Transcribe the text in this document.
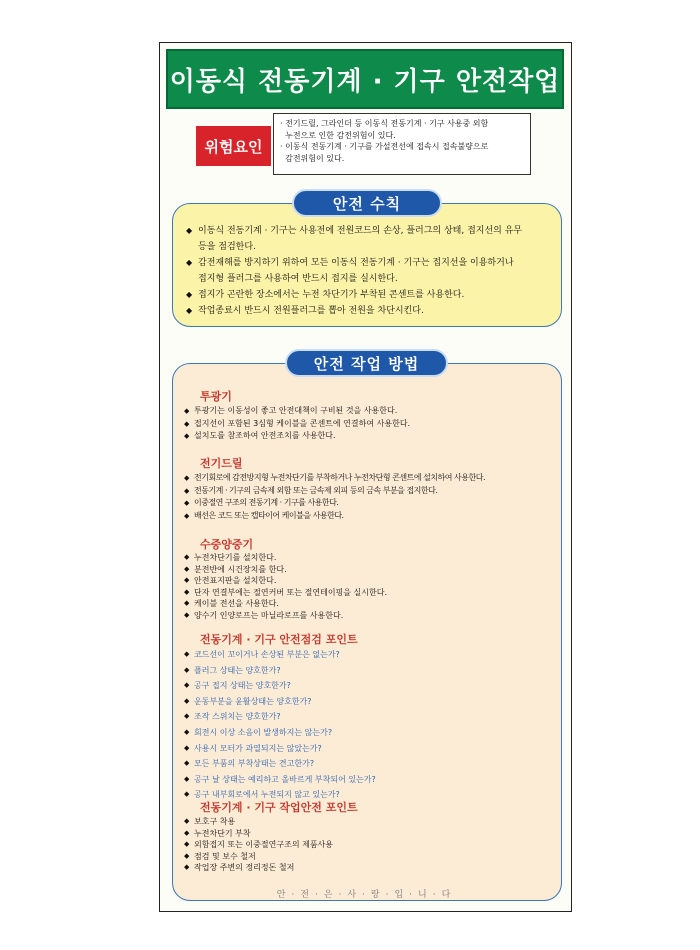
이동식 전동기계 · 기구 안전작업
위험요인

· 전기드릴, 그라인더 등 이동식 전동기계 · 기구 사용중 외함

누전으로 인한 감전위험이 있다.

· 이동식 전동기계 · 기구를 가설전선에 접속시 접속불량으로

감전위험이 있다.

안전 수칙
◆ 이동식 전동기계 · 기구는 사용전에 전원코드의 손상, 플러그의 상태, 접지선의 유무
등을 점검한다.
◆ 감전재해를 방지하기 위하여 모든 이동식 전동기계 · 기구는 접지선을 이용하거나
접지형 플러그를 사용하여 반드시 접지를 실시한다.
◆ 접지가 곤란한 장소에서는 누전 차단기가 부착된 콘센트를 사용한다.
◆ 작업종료시 반드시 전원플러그를 뽑아 전원을 차단시킨다.
안전 작업 방법
투광기
◆ 투광기는 이동성이 좋고 안전대책이 구비된 것을 사용한다.
◆ 접지선이 포함된 3심형 케이블을 콘센트에 연결하여 사용한다.
◆ 설치도를 참조하여 안전조치를 사용한다.
전기드릴
◆ 전기회로에 감전방지형 누전차단기를 부착하거나 누전차단형 콘센트에 설치하여 사용한다.
◆ 전동기계 · 기구의 금속제 외함 또는 금속제 외피 등의 금속 부분을 접지한다.
◆ 이중절연 구조의 전동기계 · 기구를 사용한다.
◆ 배선은 코드 또는 캡타이어 케이블을 사용한다.
수중양중기
◆ 누전차단기를 설치한다.
◆ 분전반에 시건장치를 한다.
◆ 안전표지판을 설치한다.
◆ 단자 연결부에는 절연커버 또는 절연테이핑을 실시한다.
◆ 케이블 전선을 사용한다.
◆ 양수기 인양로프는 마닐라로프를 사용한다.
전동기계 · 기구 안전점검 포인트
◆ 코드선이 꼬이거나 손상된 부분은 없는가?
◆ 플러그 상태는 양호한가?
◆ 공구 접지 상태는 양호한가?
◆ 운동부분을 윤활상태는 양호한가?
◆ 조작 스위치는 양호한가?
◆ 회전시 이상 소음이 발생하지는 않는가?
◆ 사용시 모터가 과열되지는 않았는가?
◆ 모든 부품의 부착상태는 견고한가?
◆ 공구 날 상태는 예리하고 올바르게 부착되어 있는가?
◆ 공구 내부회로에서 누전되지 않고 있는가?
전동기계 · 기구 작업안전 포인트
◆ 보호구 착용
◆ 누전차단기 부착
◆ 외함접지 또는 이중절연구조의 제품사용
◆ 점검 및 보수 철저
◆ 작업장 주변의 정리정돈 철저
안·전·은·사·랑·입·니·다
